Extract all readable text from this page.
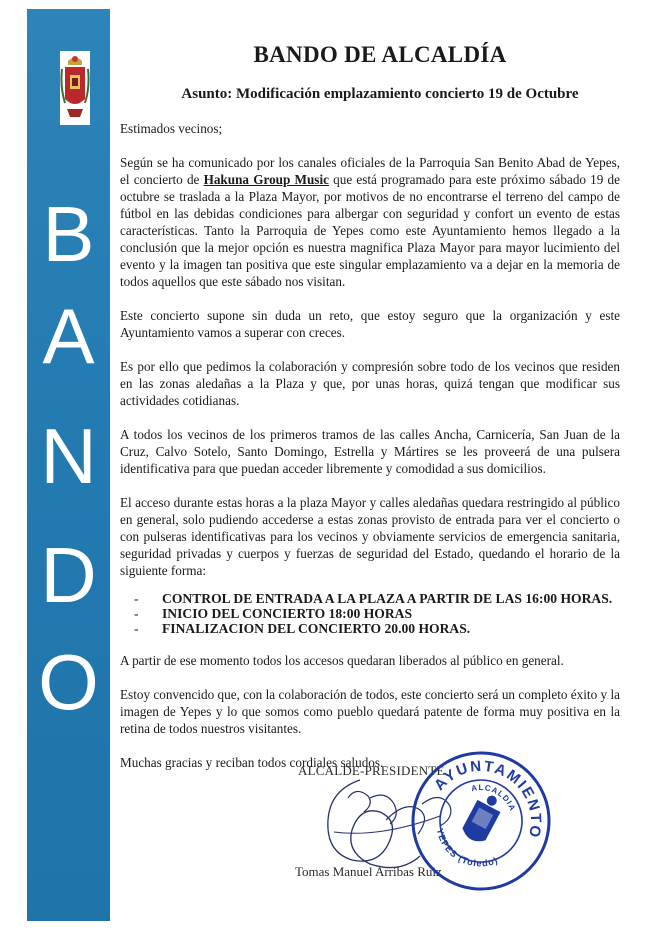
B
A
N
D
O
BANDO DE ALCALDÍA
Asunto: Modificación emplazamiento concierto 19 de Octubre

Estimados vecinos;

Según se ha comunicado por los canales oficiales de la Parroquia San Benito Abad de Yepes, el concierto de Hakuna Group Music que está programado para este próximo sábado 19 de octubre se traslada a la Plaza Mayor, por motivos de no encontrarse el terreno del campo de fútbol en las debidas condiciones para albergar con seguridad y confort un evento de estas características. Tanto la Parroquia de Yepes como este Ayuntamiento hemos llegado a la conclusión que la mejor opción es nuestra magnifica Plaza Mayor para mayor lucimiento del evento y la imagen tan positiva que este singular emplazamiento va a dejar en la memoria de todos aquellos que este sábado nos visitan.

Este concierto supone sin duda un reto, que estoy seguro que la organización y este Ayuntamiento vamos a superar con creces.

Es por ello que pedimos la colaboración y compresión sobre todo de los vecinos que residen en las zonas aledañas a la Plaza y que, por unas horas, quizá tengan que modificar sus actividades cotidianas.

A todos los vecinos de los primeros tramos de las calles Ancha, Carnicería, San Juan de la Cruz, Calvo Sotelo, Santo Domingo, Estrella y Mártires se les proveerá de una pulsera identificativa para que puedan acceder libremente y comodidad a sus domicilios.

El acceso durante estas horas a la plaza Mayor y calles aledañas quedara restringido al público en general, solo pudiendo accederse a estas zonas provisto de entrada para ver el concierto o con pulseras identificativas para los vecinos y obviamente servicios de emergencia sanitaria, seguridad privadas y cuerpos y fuerzas de seguridad del Estado, quedando el horario de la siguiente forma:

- CONTROL DE ENTRADA A LA PLAZA A PARTIR DE LAS 16:00 HORAS.
- INICIO DEL CONCIERTO 18:00 HORAS
- FINALIZACION DEL CONCIERTO 20.00 HORAS.

A partir de ese momento todos los accesos quedaran liberados al público en general.

Estoy convencido que, con la colaboración de todos, este concierto será un completo éxito y la imagen de Yepes y lo que somos como pueblo quedará patente de forma muy positiva en la retina de todos nuestros visitantes.

Muchas gracias y reciban todos cordiales saludos.

ALCALDE-PRESIDENTE
Tomas Manuel Arribas Ruiz
AYUNTAMIENTO
ALCALDIA
YEPES (Toledo)
